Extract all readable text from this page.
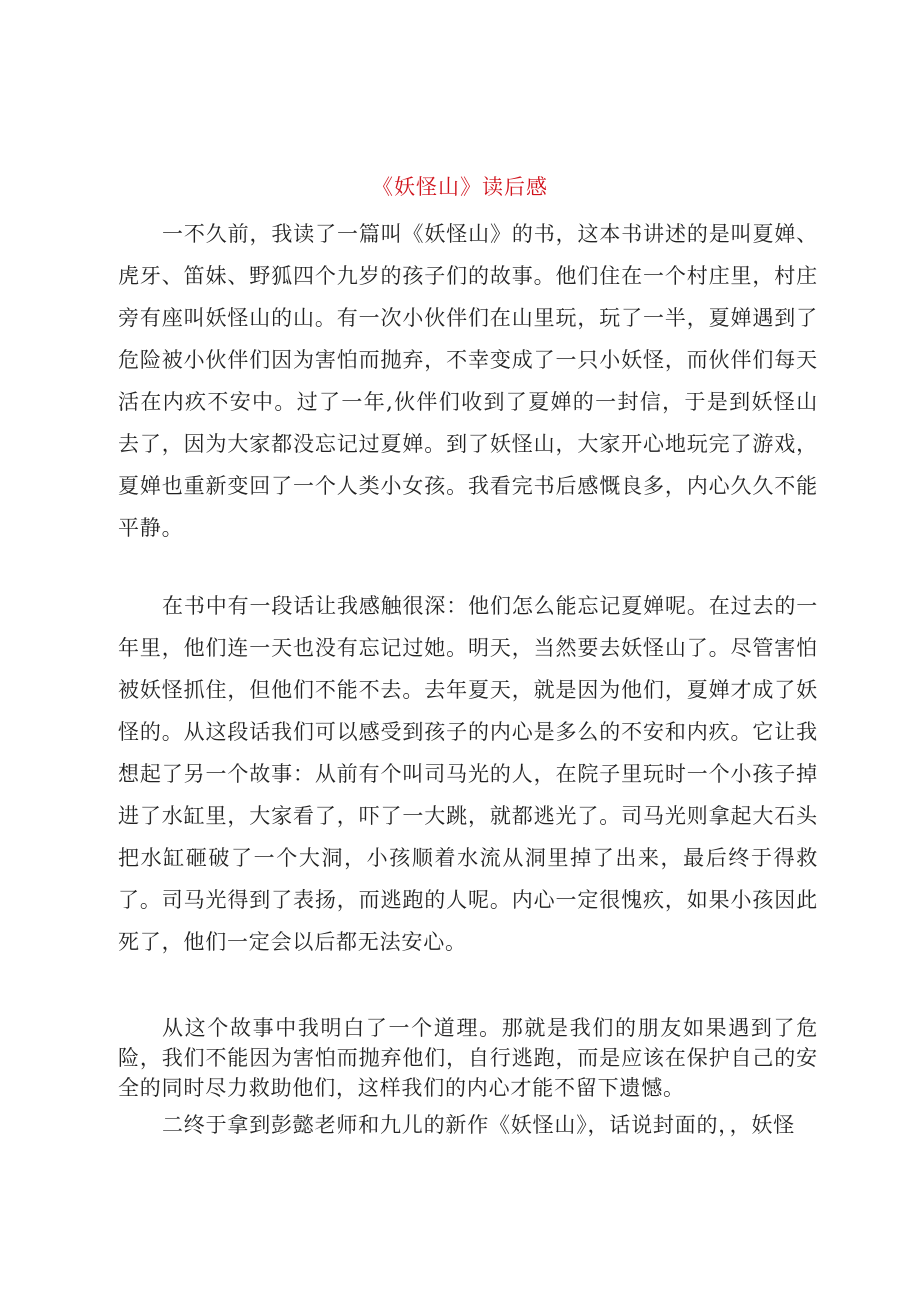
《妖怪山》读后感

一不久前，我读了一篇叫《妖怪山》的书，这本书讲述的是叫夏婵、虎牙、笛妹、野狐四个九岁的孩子们的故事。他们住在一个村庄里，村庄旁有座叫妖怪山的山。有一次小伙伴们在山里玩，玩了一半，夏婵遇到了危险被小伙伴们因为害怕而抛弃，不幸变成了一只小妖怪，而伙伴们每天活在内疚不安中。过了一年,伙伴们收到了夏婵的一封信，于是到妖怪山去了，因为大家都没忘记过夏婵。到了妖怪山，大家开心地玩完了游戏，夏婵也重新变回了一个人类小女孩。我看完书后感慨良多，内心久久不能平静。

在书中有一段话让我感触很深：他们怎么能忘记夏婵呢。在过去的一年里，他们连一天也没有忘记过她。明天，当然要去妖怪山了。尽管害怕被妖怪抓住，但他们不能不去。去年夏天，就是因为他们，夏婵才成了妖怪的。从这段话我们可以感受到孩子的内心是多么的不安和内疚。它让我想起了另一个故事：从前有个叫司马光的人，在院子里玩时一个小孩子掉进了水缸里，大家看了，吓了一大跳，就都逃光了。司马光则拿起大石头把水缸砸破了一个大洞，小孩顺着水流从洞里掉了出来，最后终于得救了。司马光得到了表扬，而逃跑的人呢。内心一定很愧疚，如果小孩因此死了，他们一定会以后都无法安心。

从这个故事中我明白了一个道理。那就是我们的朋友如果遇到了危险，我们不能因为害怕而抛弃他们，自行逃跑，而是应该在保护自己的安全的同时尽力救助他们，这样我们的内心才能不留下遗憾。

二终于拿到彭懿老师和九儿的新作《妖怪山》，话说封面的，，妖怪
